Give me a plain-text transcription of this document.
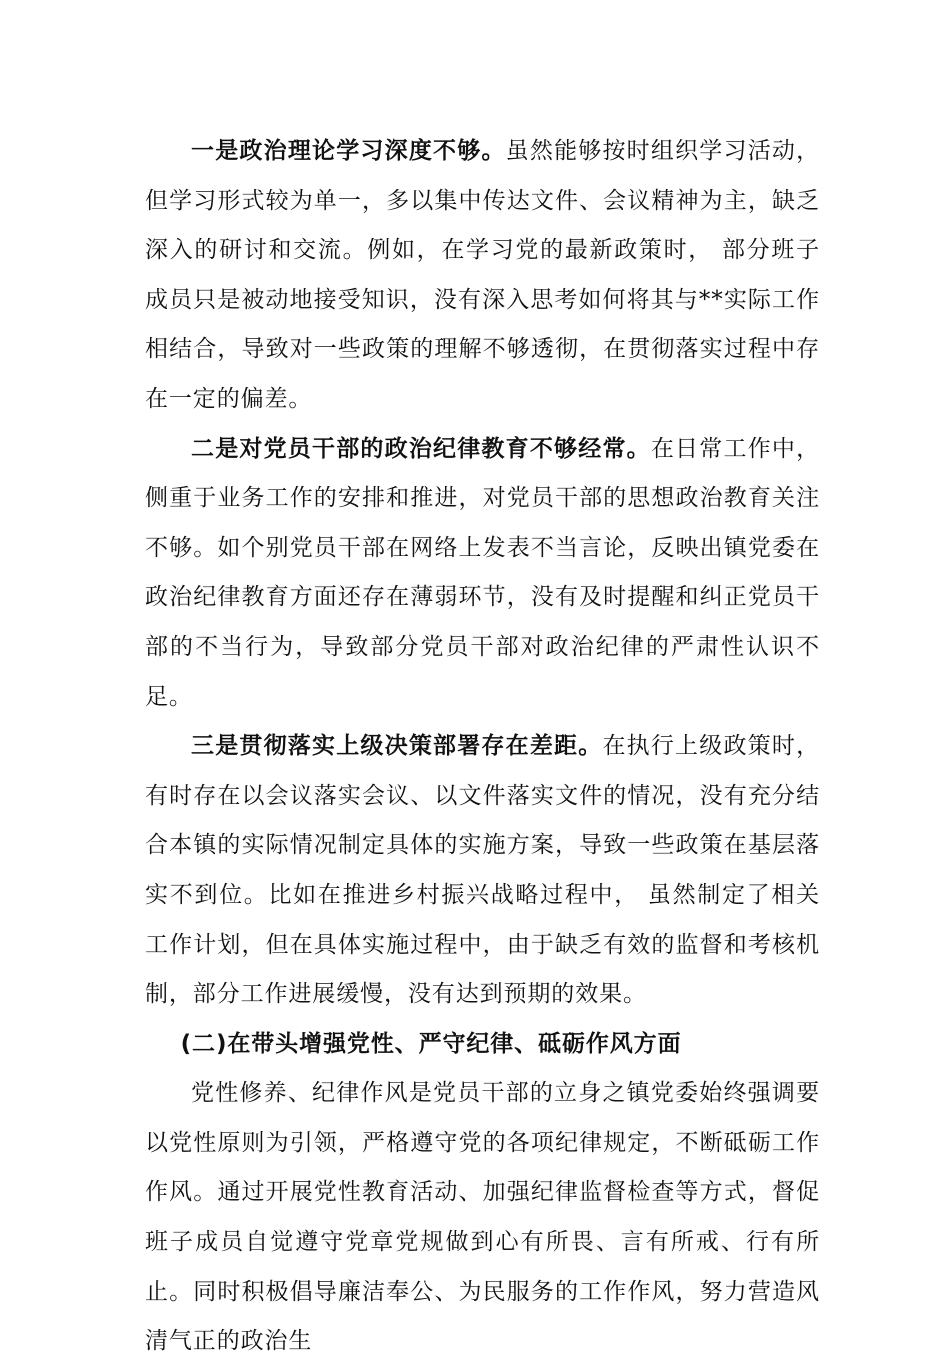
一是政治理论学习深度不够。虽然能够按时组织学习活动，但学习形式较为单一，多以集中传达文件、会议精神为主，缺乏深入的研讨和交流。例如，在学习党的最新政策时， 部分班子成员只是被动地接受知识，没有深入思考如何将其与**实际工作相结合，导致对一些政策的理解不够透彻，在贯彻落实过程中存在一定的偏差。

二是对党员干部的政治纪律教育不够经常。在日常工作中，侧重于业务工作的安排和推进，对党员干部的思想政治教育关注不够。如个别党员干部在网络上发表不当言论，反映出镇党委在政治纪律教育方面还存在薄弱环节，没有及时提醒和纠正党员干部的不当行为，导致部分党员干部对政治纪律的严肃性认识不足。

三是贯彻落实上级决策部署存在差距。在执行上级政策时，有时存在以会议落实会议、以文件落实文件的情况，没有充分结合本镇的实际情况制定具体的实施方案，导致一些政策在基层落实不到位。比如在推进乡村振兴战略过程中， 虽然制定了相关工作计划，但在具体实施过程中，由于缺乏有效的监督和考核机制，部分工作进展缓慢，没有达到预期的效果。

(二)在带头增强党性、严守纪律、砥砺作风方面

党性修养、纪律作风是党员干部的立身之镇党委始终强调要以党性原则为引领，严格遵守党的各项纪律规定，不断砥砺工作作风。通过开展党性教育活动、加强纪律监督检查等方式，督促班子成员自觉遵守党章党规做到心有所畏、言有所戒、行有所止。同时积极倡导廉洁奉公、为民服务的工作作风，努力营造风清气正的政治生
